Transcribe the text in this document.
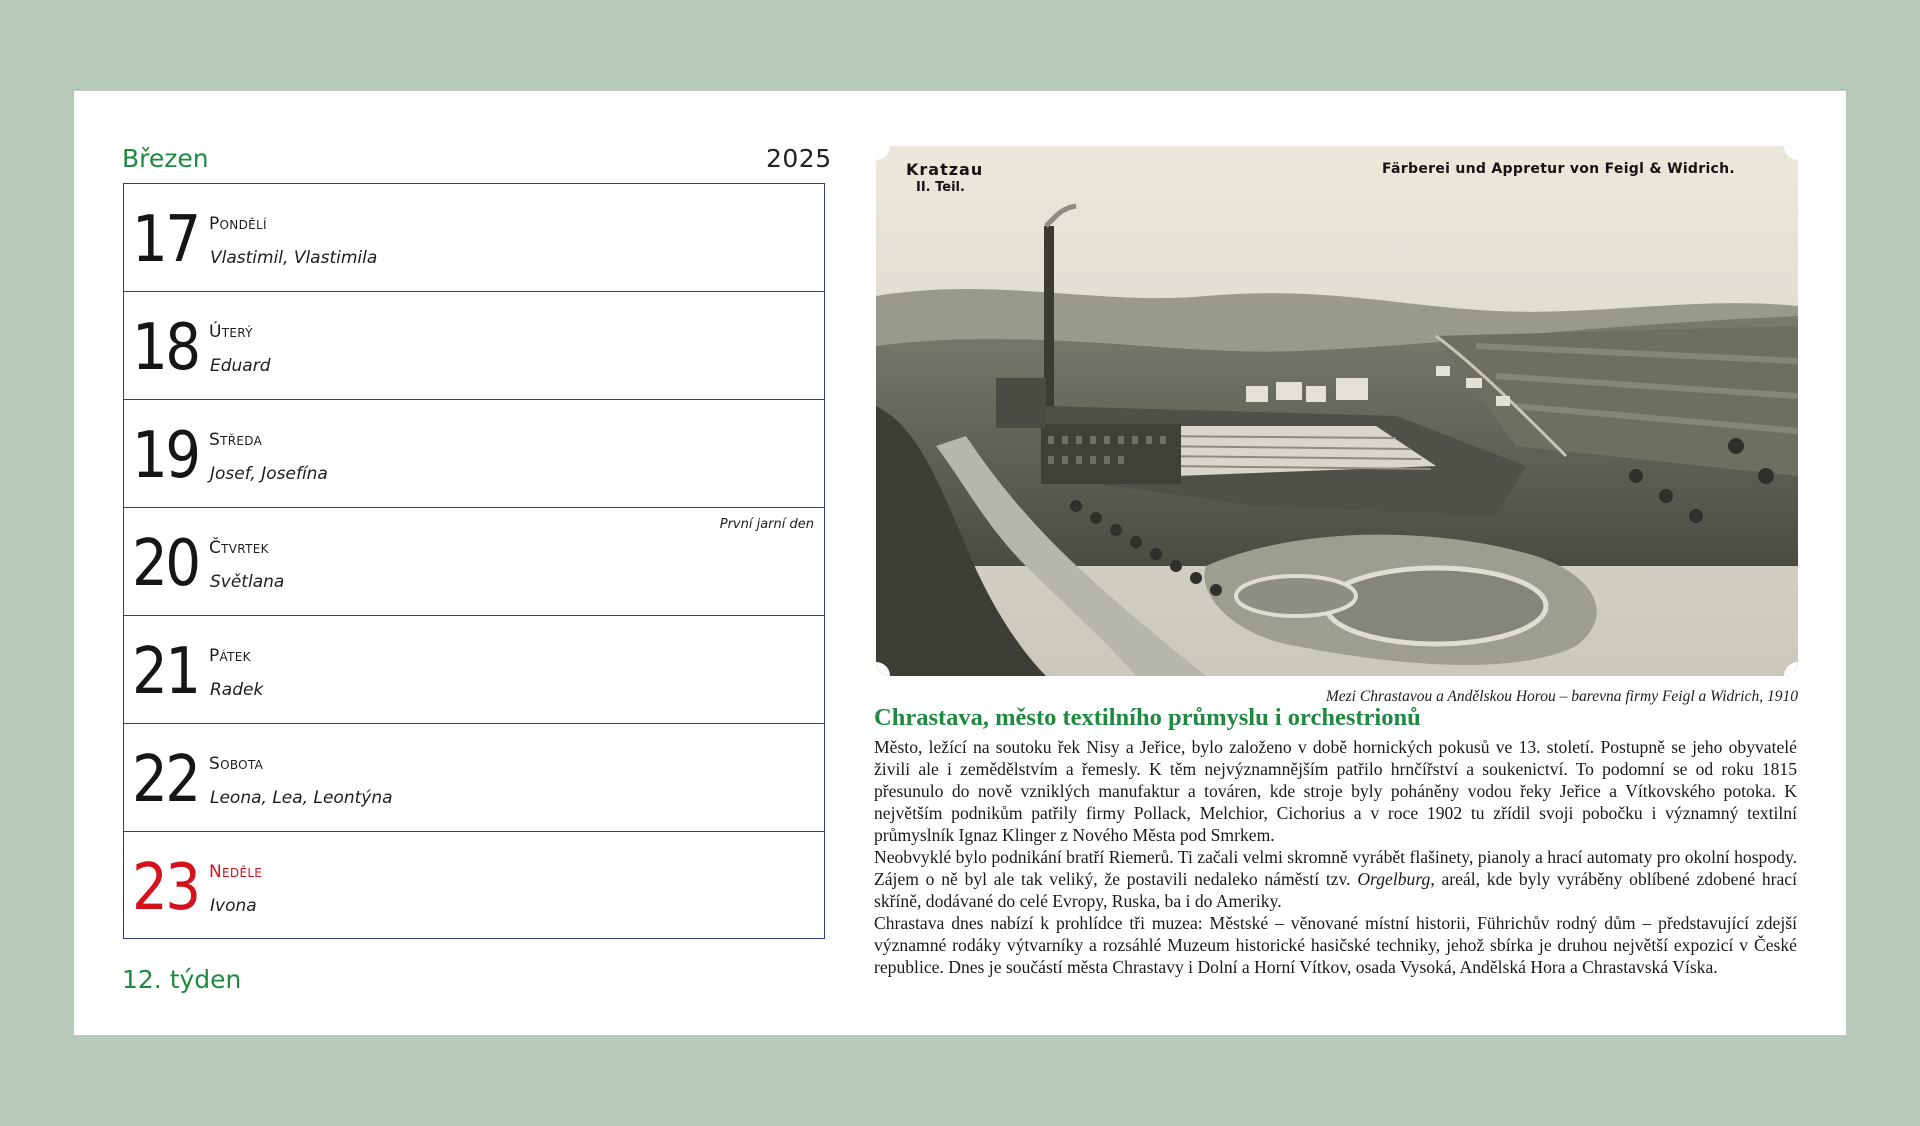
Březen	2025
17 Pondělí
Vlastimil, Vlastimila
18 Úterý
Eduard
19 Středa
Josef, Josefína
20 Čtvrtek
Světlana
První jarní den
21 Pátek
Radek
22 Sobota
Leona, Lea, Leontýna
23 Neděle
Ivona
12. týden
Kratzau
II. Teil.
Färberei und Appretur von Feigl & Widrich.
Mezi Chrastavou a Andělskou Horou – barevna firmy Feigl a Widrich, 1910
Chrastava, město textilního průmyslu i orchestrionů

Město, ležící na soutoku řek Nisy a Jeřice, bylo založeno v době hornických pokusů ve 13. století. Postupně se jeho obyvatelé živili ale i zemědělstvím a řemesly. K těm nejvýznamnějším patřilo hrnčířství a soukenictví. To podomní se od roku 1815 přesunulo do nově vzniklých manufaktur a továren, kde stroje byly poháněny vodou řeky Jeřice a Vítkovského potoka. K největším podnikům patřily firmy Pollack, Melchior, Cichorius a v roce 1902 tu zřídil svoji pobočku i významný textilní průmyslník Ignaz Klinger z Nového Města pod Smrkem.

Neobvyklé bylo podnikání bratří Riemerů. Ti začali velmi skromně vyrábět flašinety, pianoly a hrací automaty pro okolní hospody. Zájem o ně byl ale tak veliký, že postavili nedaleko náměstí tzv. Orgelburg, areál, kde byly vyráběny oblíbené zdobené hrací skříně, dodávané do celé Evropy, Ruska, ba i do Ameriky.

Chrastava dnes nabízí k prohlídce tři muzea: Městské – věnované místní historii, Führichův rodný dům – představující zdejší významné rodáky výtvarníky a rozsáhlé Muzeum historické hasičské techniky, jehož sbírka je druhou největší expozicí v České republice. Dnes je součástí města Chrastavy i Dolní a Horní Vítkov, osada Vysoká, Andělská Hora a Chrastavská Víska.
